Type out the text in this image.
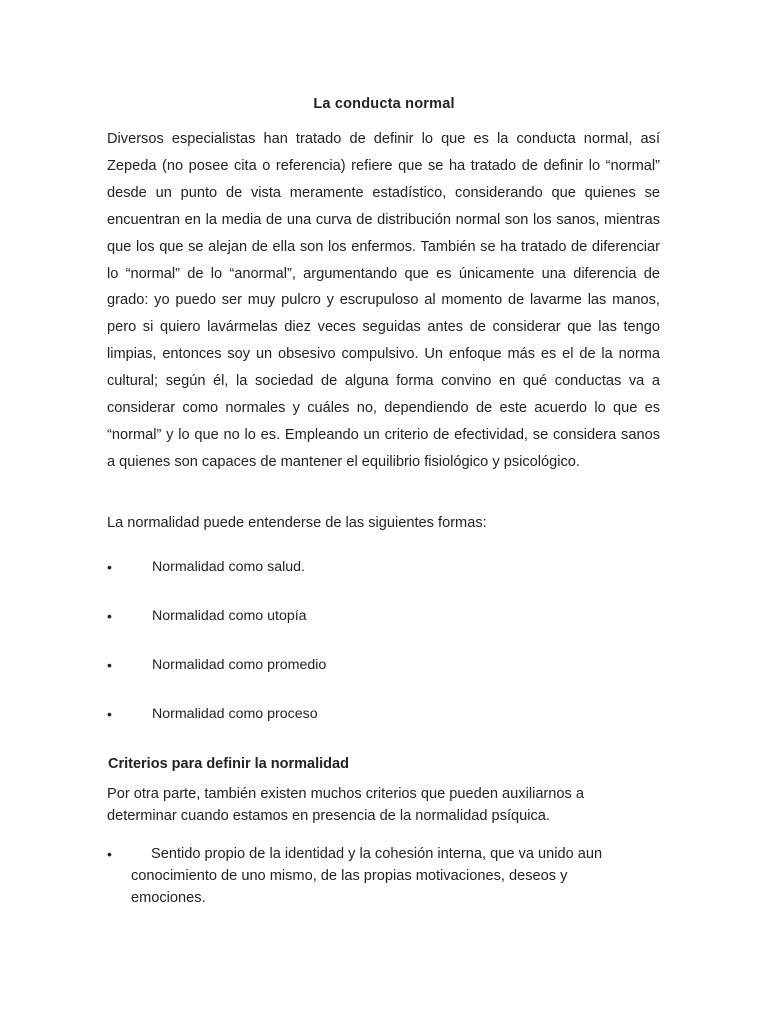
La conducta normal

Diversos especialistas han tratado de definir lo que es la conducta normal, así Zepeda (no posee cita o referencia) refiere que se ha tratado de definir lo “normal” desde un punto de vista meramente estadístico, considerando que quienes se encuentran en la media de una curva de distribución normal son los sanos, mientras que los que se alejan de ella son los enfermos. También se ha tratado de diferenciar lo “normal” de lo “anormal”, argumentando que es únicamente una diferencia de grado: yo puedo ser muy pulcro y escrupuloso al momento de lavarme las manos, pero si quiero lavármelas diez veces seguidas antes de considerar que las tengo limpias, entonces soy un obsesivo compulsivo. Un enfoque más es el de la norma cultural; según él, la sociedad de alguna forma convino en qué conductas va a considerar como normales y cuáles no, dependiendo de este acuerdo lo que es “normal” y lo que no lo es. Empleando un criterio de efectividad, se considera sanos a quienes son capaces de mantener el equilibrio fisiológico y psicológico.

La normalidad puede entenderse de las siguientes formas:

•	Normalidad como salud.
•	Normalidad como utopía
•	Normalidad como promedio
•	Normalidad como proceso
Criterios para definir la normalidad

Por otra parte, también existen muchos criterios que pueden auxiliarnos a determinar cuando estamos en presencia de la normalidad psíquica.

•	Sentido propio de la identidad y la cohesión interna, que va unido aun conocimiento de uno mismo, de las propias motivaciones, deseos y emociones.
